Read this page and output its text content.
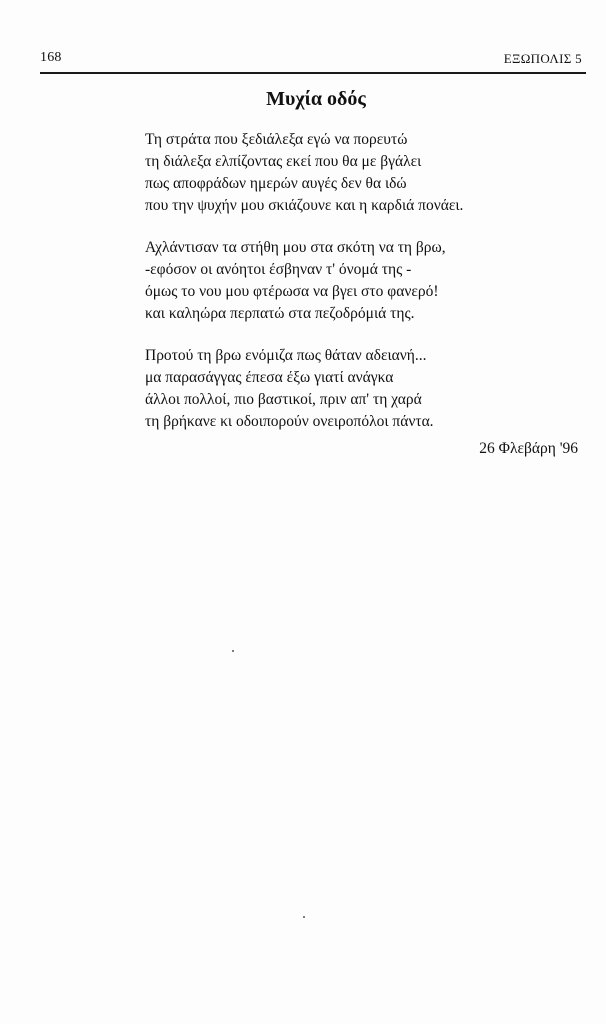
168	ΕΞΩΠΟΛΙΣ 5
Μυχία οδός
Τη στράτα που ξεδιάλεξα εγώ να πορευτώ
τη διάλεξα ελπίζοντας εκεί που θα με βγάλει
πως αποφράδων ημερών αυγές δεν θα ιδώ
που την ψυχήν μου σκιάζουνε και η καρδιά πονάει.
Αχλάντισαν τα στήθη μου στα σκότη να τη βρω,
-εφόσον οι ανόητοι έσβηναν τ' όνομά της -
όμως το νου μου φτέρωσα να βγει στο φανερό!
και καληώρα περπατώ στα πεζοδρόμιά της.
Προτού τη βρω ενόμιζα πως θάταν αδειανή...
μα παρασάγγας έπεσα έξω γιατί ανάγκα
άλλοι πολλοί, πιο βαστικοί, πριν απ' τη χαρά
τη βρήκανε κι οδοιπορούν ονειροπόλοι πάντα.
26 Φλεβάρη '96
